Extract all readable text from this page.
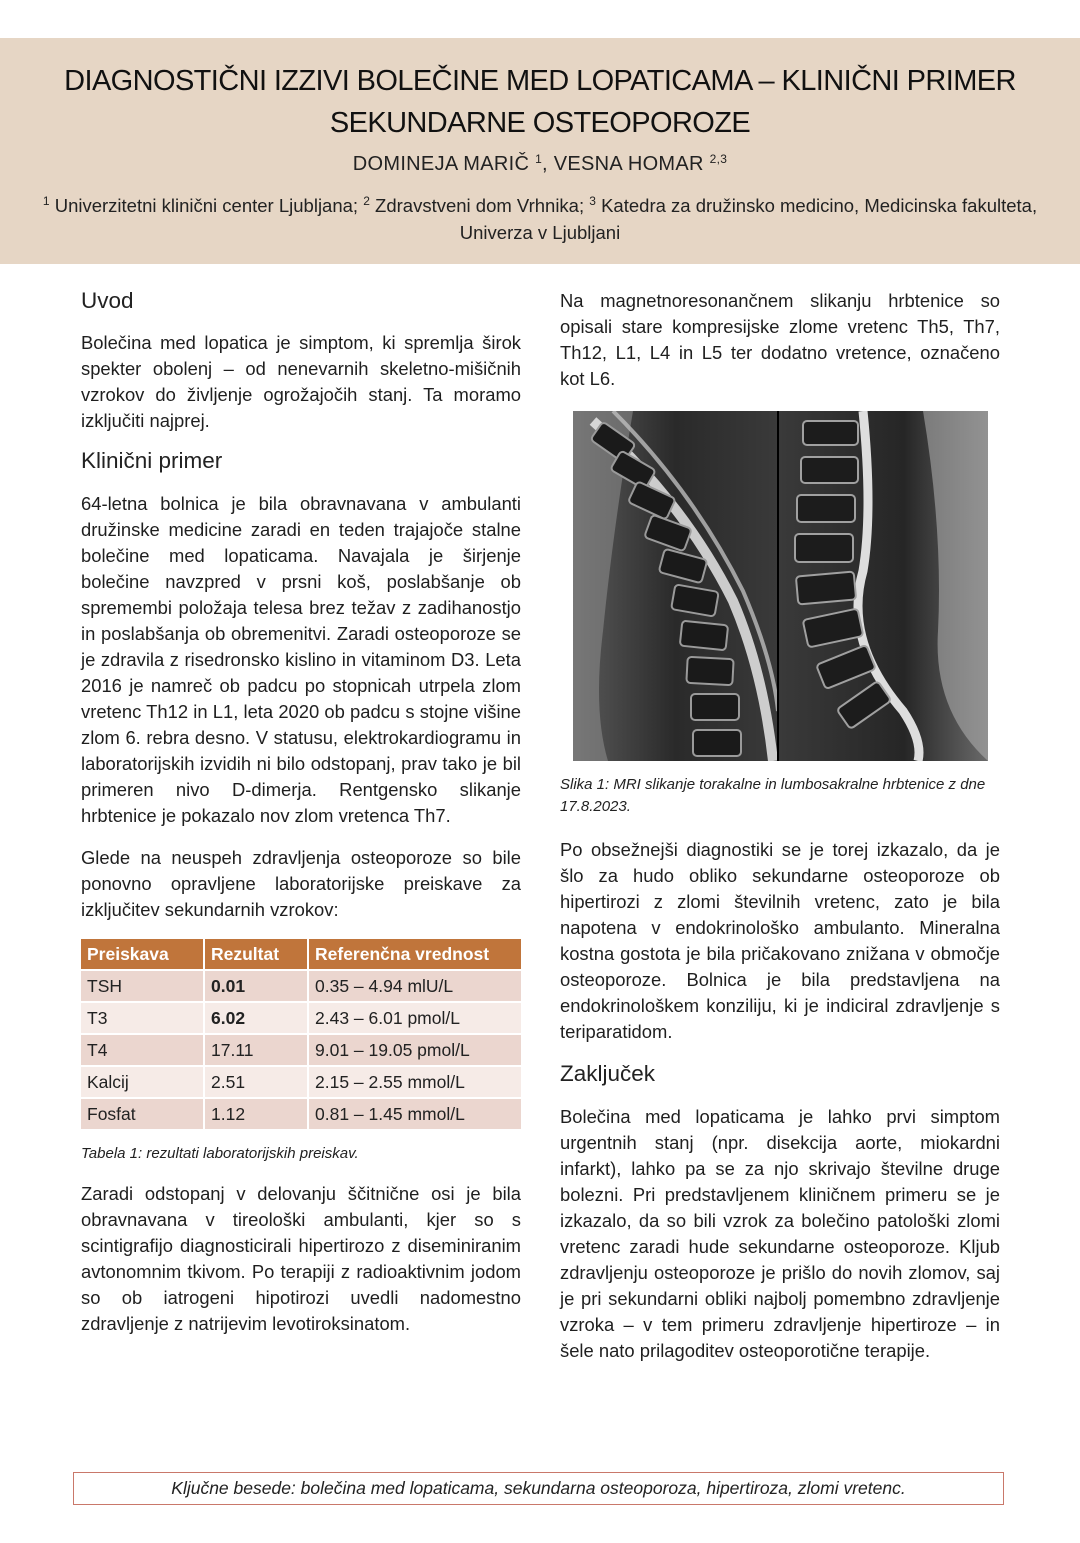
DIAGNOSTIČNI IZZIVI BOLEČINE MED LOPATICAMA – KLINIČNI PRIMER SEKUNDARNE OSTEOPOROZE
DOMINEJA MARIČ $^1$, VESNA HOMAR $^{2,3}$
$^1$ Univerzitetni klinični center Ljubljana; $^2$ Zdravstveni dom Vrhnika; $^3$ Katedra za družinsko medicino, Medicinska fakulteta, Univerza v Ljubljani
Uvod

Bolečina med lopatica je simptom, ki spremlja širok spekter obolenj – od nenevarnih skeletno-mišičnih vzrokov do življenje ogrožajočih stanj. Ta moramo izključiti najprej.

Klinični primer

64-letna bolnica je bila obravnavana v ambulanti družinske medicine zaradi en teden trajajoče stalne bolečine med lopaticama. Navajala je širjenje bolečine navzpred v prsni koš, poslabšanje ob spremembi položaja telesa brez težav z zadihanostjo in poslabšanja ob obremenitvi. Zaradi osteoporoze se je zdravila z risedronsko kislino in vitaminom D3. Leta 2016 je namreč ob padcu po stopnicah utrpela zlom vretenc Th12 in L1, leta 2020 ob padcu s stojne višine zlom 6. rebra desno. V statusu, elektrokardiogramu in laboratorijskih izvidih ni bilo odstopanj, prav tako je bil primeren nivo D-dimerja. Rentgensko slikanje hrbtenice je pokazalo nov zlom vretenca Th7.

Glede na neuspeh zdravljenja osteoporoze so bile ponovno opravljene laboratorijske preiskave za izključitev sekundarnih vzrokov:

Preiskava	Rezultat	Referenčna vrednost
TSH	0.01	0.35 – 4.94 mlU/L
T3	6.02	2.43 – 6.01 pmol/L
T4	17.11	9.01 – 19.05 pmol/L
Kalcij	2.51	2.15 – 2.55 mmol/L
Fosfat	1.12	0.81 – 1.45 mmol/L

Tabela 1: rezultati laboratorijskih preiskav.

Zaradi odstopanj v delovanju ščitnične osi je bila obravnavana v tireološki ambulanti, kjer so s scintigrafijo diagnosticirali hipertirozo z diseminiranim avtonomnim tkivom. Po terapiji z radioaktivnim jodom so ob iatrogeni hipotirozi uvedli nadomestno zdravljenje z natrijevim levotiroksinatom.

Na magnetnoresonančnem slikanju hrbtenice so opisali stare kompresijske zlome vretenc Th5, Th7, Th12, L1, L4 in L5 ter dodatno vretence, označeno kot L6.

Slika 1: MRI slikanje torakalne in lumbosakralne hrbtenice z dne 17.8.2023.

Po obsežnejši diagnostiki se je torej izkazalo, da je šlo za hudo obliko sekundarne osteoporoze ob hipertirozi z zlomi številnih vretenc, zato je bila napotena v endokrinološko ambulanto. Mineralna kostna gostota je bila pričakovano znižana v območje osteoporoze. Bolnica je bila predstavljena na endokrinološkem konziliju, ki je indiciral zdravljenje s teriparatidom.

Zaključek

Bolečina med lopaticama je lahko prvi simptom urgentnih stanj (npr. disekcija aorte, miokardni infarkt), lahko pa se za njo skrivajo številne druge bolezni. Pri predstavljenem kliničnem primeru se je izkazalo, da so bili vzrok za bolečino patološki zlomi vretenc zaradi hude sekundarne osteoporoze. Kljub zdravljenju osteoporoze je prišlo do novih zlomov, saj je pri sekundarni obliki najbolj pomembno zdravljenje vzroka – v tem primeru zdravljenje hipertiroze – in šele nato prilagoditev osteoporotične terapije.

Ključne besede: bolečina med lopaticama, sekundarna osteoporoza, hipertiroza, zlomi vretenc.
